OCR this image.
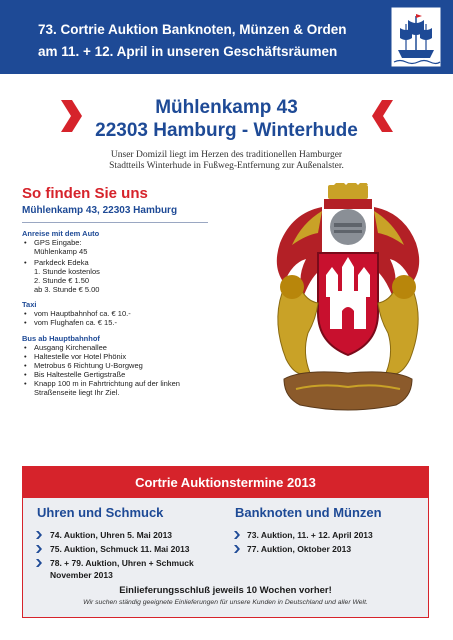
73. Cortrie Auktion Banknoten, Münzen & Orden
am 11. + 12. April in unseren Geschäftsräumen
Mühlenkamp 43
22303 Hamburg - Winterhude
Unser Domizil liegt im Herzen des traditionellen Hamburger
Stadtteils Winterhude in Fußweg-Entfernung zur Außenalster.
So finden Sie uns
Mühlenkamp 43, 22303 Hamburg
Anreise mit dem Auto
• GPS Eingabe:
Mühlenkamp 45
• Parkdeck Edeka
1. Stunde kostenlos
2. Stunde € 1.50
ab 3. Stunde € 5.00
Taxi
• vom Hauptbahnhof ca. € 10.-
• vom Flughafen ca. € 15.-
Bus ab Hauptbahnhof
• Ausgang Kirchenallee
• Haltestelle vor Hotel Phönix
• Metrobus 6 Richtung U-Borgweg
• Bis Haltestelle Gertigstraße
• Knapp 100 m in Fahrtrichtung auf der linken
Straßenseite liegt Ihr Ziel.
Cortrie Auktionstermine 2013
Uhren und Schmuck	Banknoten und Münzen
74. Auktion, Uhren 5. Mai 2013
75. Auktion, Schmuck 11. Mai 2013
78. + 79. Auktion, Uhren + Schmuck
November 2013
73. Auktion, 11. + 12. April 2013
77. Auktion, Oktober 2013
Einlieferungsschluß jeweils 10 Wochen vorher!
Wir suchen ständig geeignete Einlieferungen für unsere Kunden in Deutschland und aller Welt.
